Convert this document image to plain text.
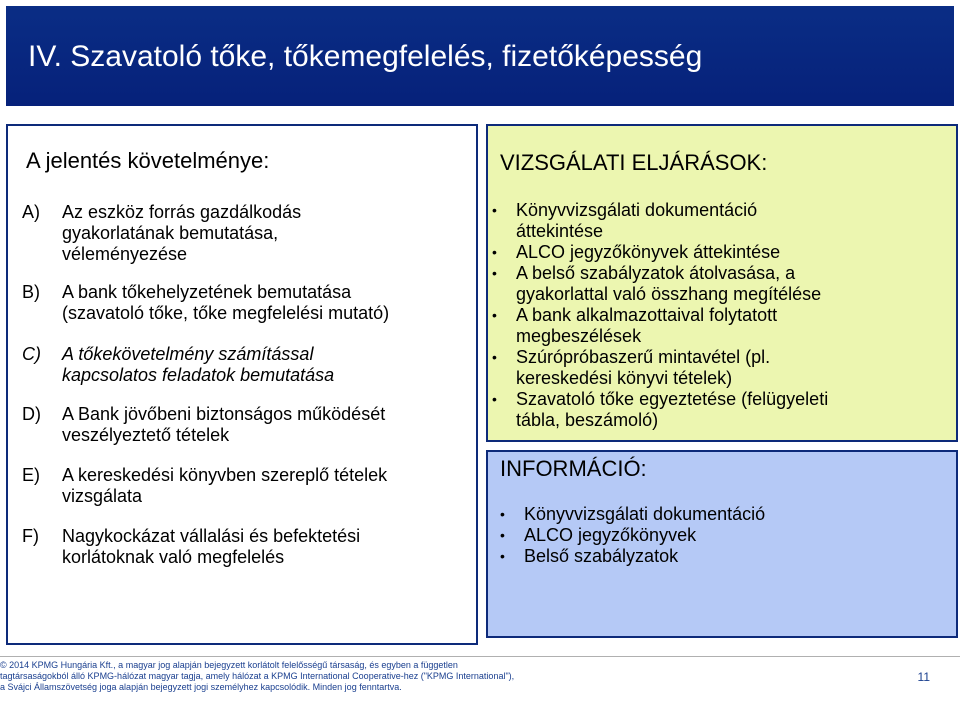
IV. Szavatoló tőke, tőkemegfelelés, fizetőképesség
A jelentés követelménye:
A)	Az eszköz forrás gazdálkodás
gyakorlatának bemutatása,
véleményezése
B)	A bank tőkehelyzetének bemutatása
(szavatoló tőke, tőke megfelelési mutató)
C)	A tőkekövetelmény számítással
kapcsolatos feladatok bemutatása
D)	A Bank jövőbeni biztonságos működését
veszélyeztető tételek
E)	A kereskedési könyvben szereplő tételek
vizsgálata
F)	Nagykockázat vállalási és befektetési
korlátoknak való megfelelés
VIZSGÁLATI ELJÁRÁSOK:
• Könyvvizsgálati dokumentáció
áttekintése
• ALCO jegyzőkönyvek áttekintése
• A belső szabályzatok átolvasása, a
gyakorlattal való összhang megítélése
• A bank alkalmazottaival folytatott
megbeszélések
• Szúrópróbaszerű mintavétel (pl.
kereskedési könyvi tételek)
• Szavatoló tőke egyeztetése (felügyeleti
tábla, beszámoló)
INFORMÁCIÓ:
• Könyvvizsgálati dokumentáció
• ALCO jegyzőkönyvek
• Belső szabályzatok
© 2014 KPMG Hungária Kft., a magyar jog alapján bejegyzett korlátolt felelősségű társaság, és egyben a független tagtársaságokból álló KPMG-hálózat magyar tagja, amely hálózat a KPMG International Cooperative-hez ("KPMG International"), a Svájci Államszövetség joga alapján bejegyzett jogi személyhez kapcsolódik. Minden jog fenntartva.
11
